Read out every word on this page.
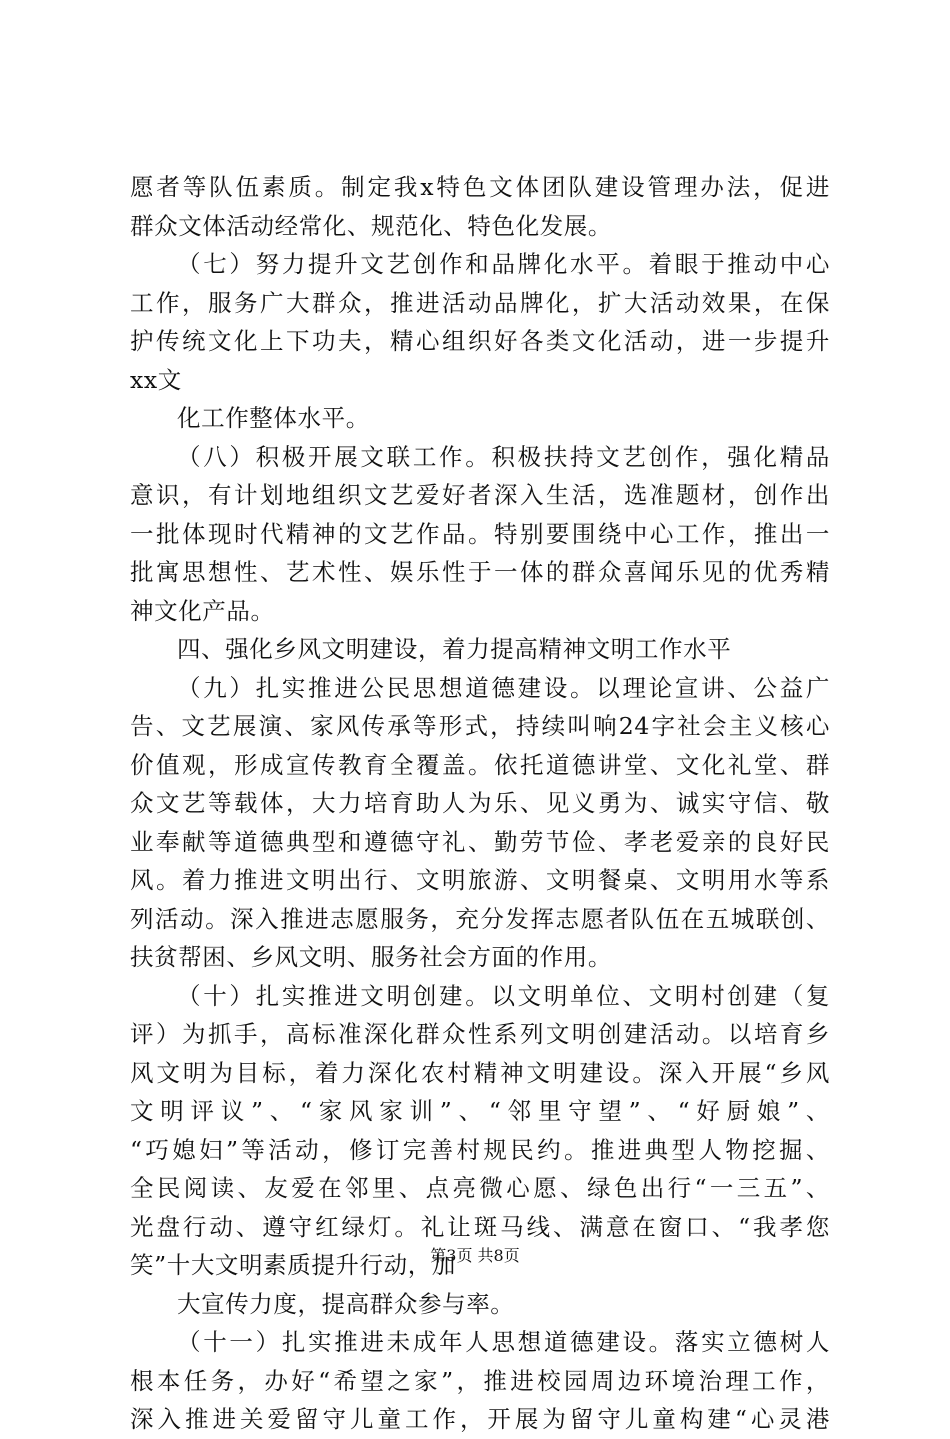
愿者等队伍素质。制定我x特色文体团队建设管理办法，促进
群众文体活动经常化、规范化、特色化发展。
（七）努力提升文艺创作和品牌化水平。着眼于推动中心
工作，服务广大群众，推进活动品牌化，扩大活动效果，在保
护传统文化上下功夫，精心组织好各类文化活动，进一步提升
xx文
化工作整体水平。
（八）积极开展文联工作。积极扶持文艺创作，强化精品
意识，有计划地组织文艺爱好者深入生活，选准题材，创作出
一批体现时代精神的文艺作品。特别要围绕中心工作，推出一
批寓思想性、艺术性、娱乐性于一体的群众喜闻乐见的优秀精
神文化产品。
四、强化乡风文明建设，着力提高精神文明工作水平
（九）扎实推进公民思想道德建设。以理论宣讲、公益广
告、文艺展演、家风传承等形式，持续叫响24字社会主义核心
价值观，形成宣传教育全覆盖。依托道德讲堂、文化礼堂、群
众文艺等载体，大力培育助人为乐、见义勇为、诚实守信、敬
业奉献等道德典型和遵德守礼、勤劳节俭、孝老爱亲的良好民
风。着力推进文明出行、文明旅游、文明餐桌、文明用水等系
列活动。深入推进志愿服务，充分发挥志愿者队伍在五城联创、
扶贫帮困、乡风文明、服务社会方面的作用。
（十）扎实推进文明创建。以文明单位、文明村创建（复
评）为抓手，高标准深化群众性系列文明创建活动。以培育乡
风文明为目标，着力深化农村精神文明建设。深入开展“乡风
文明评议”、“家风家训”、“邻里守望”、“好厨娘”、
“巧媳妇”等活动，修订完善村规民约。推进典型人物挖掘、
全民阅读、友爱在邻里、点亮微心愿、绿色出行“一三五”、
光盘行动、遵守红绿灯。礼让斑马线、满意在窗口、“我孝您
笑”十大文明素质提升行动，加
大宣传力度，提高群众参与率。
（十一）扎实推进未成年人思想道德建设。落实立德树人
根本任务，办好“希望之家”，推进校园周边环境治理工作，
深入推进关爱留守儿童工作，开展为留守儿童构建“心灵港
第3页 共8页
